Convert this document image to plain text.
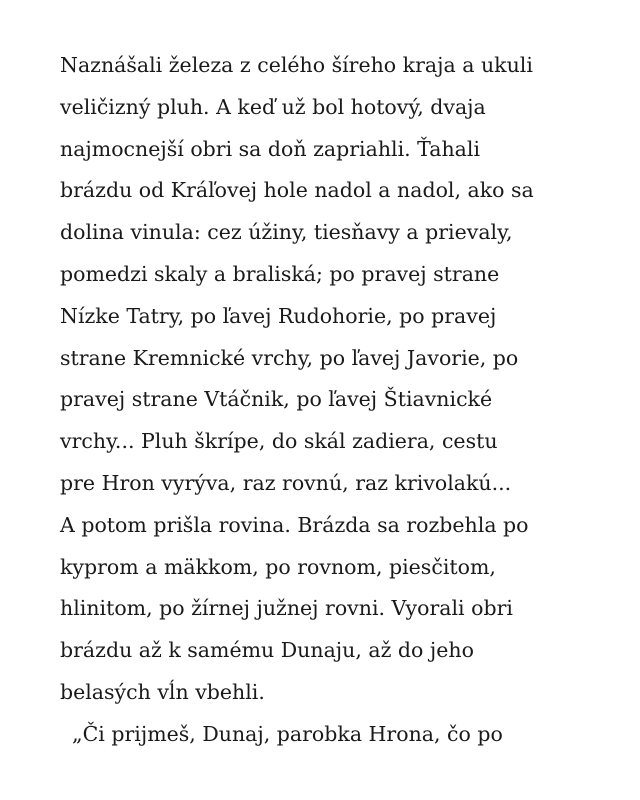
Naznášali železa z celého šíreho kraja a ukuli
veličizný pluh. A keď už bol hotový, dvaja
najmocnejší obri sa doň zapriahli. Ťahali
brázdu od Kráľovej hole nadol a nadol, ako sa
dolina vinula: cez úžiny, tiesňavy a prievaly,
pomedzi skaly a braliská; po pravej strane
Nízke Tatry, po ľavej Rudohorie, po pravej
strane Kremnické vrchy, po ľavej Javorie, po
pravej strane Vtáčnik, po ľavej Štiavnické
vrchy... Pluh škrípe, do skál zadiera, cestu
pre Hron vyrýva, raz rovnú, raz krivolakú...
A potom prišla rovina. Brázda sa rozbehla po
kyprom a mäkkom, po rovnom, piesčitom,
hlinitom, po žírnej južnej rovni. Vyorali obri
brázdu až k samému Dunaju, až do jeho
belasých vĺn vbehli.
„Či prijmeš, Dunaj, parobka Hrona, čo po
